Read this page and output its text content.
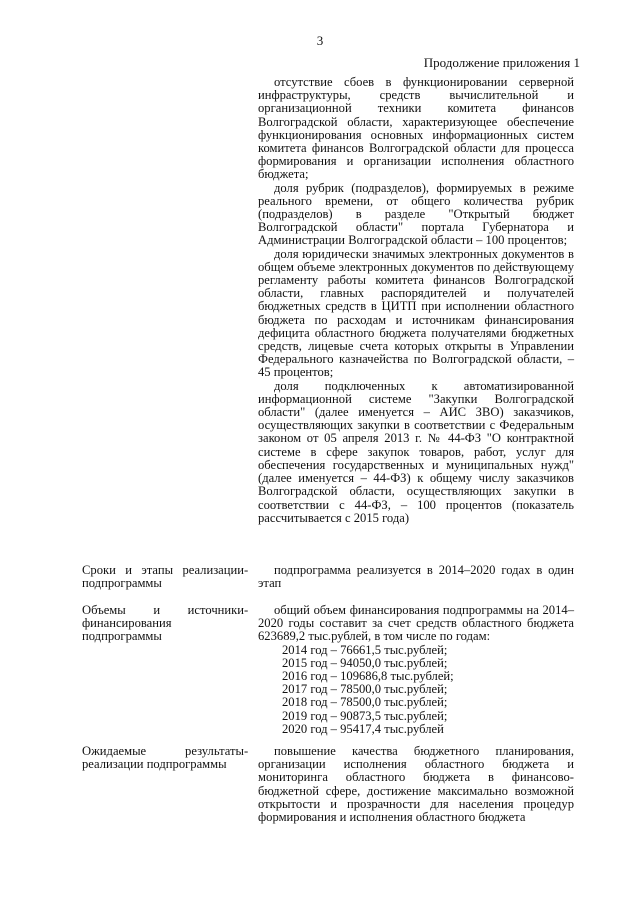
3
Продолжение приложения 1

отсутствие сбоев в функционировании серверной инфраструктуры, средств вычислительной и организационной техники комитета финансов Волгоградской области, характеризующее обеспечение функционирования основных информационных систем комитета финансов Волгоградской области для процесса формирования и организации исполнения областного бюджета;

доля рубрик (подразделов), формируемых в режиме реального времени, от общего количества рубрик (подразделов) в разделе "Открытый бюджет Волгоградской области" портала Губернатора и Администрации Волгоградской области – 100 процентов;

доля юридически значимых электронных документов в общем объеме электронных документов по действующему регламенту работы комитета финансов Волгоградской области, главных распорядителей и получателей бюджетных средств в ЦИТП при исполнении областного бюджета по расходам и источникам финансирования дефицита областного бюджета получателями бюджетных средств, лицевые счета которых открыты в Управлении Федерального казначейства по Волгоградской области, – 45 процентов;

доля подключенных к автоматизированной информационной системе "Закупки Волгоградской области" (далее именуется – АИС ЗВО) заказчиков, осуществляющих закупки в соответствии с Федеральным законом от 05 апреля 2013 г. № 44-ФЗ "О контрактной системе в сфере закупок товаров, работ, услуг для обеспечения государственных и муниципальных нужд" (далее именуется – 44-ФЗ) к общему числу заказчиков Волгоградской области, осуществляющих закупки в соответствии с 44-ФЗ, – 100 процентов (показатель рассчитывается с 2015 года)

Сроки и этапы реализации подпрограммы
-	подпрограмма реализуется в 2014–2020 годах в один этап

Объемы и источники финансирования подпрограммы
-	общий объем финансирования подпрограммы на 2014–2020 годы составит за счет средств областного бюджета 623689,2 тыс.рублей, в том числе по годам:

2014 год – 76661,5 тыс.рублей;
2015 год – 94050,0 тыс.рублей;
2016 год – 109686,8 тыс.рублей;
2017 год – 78500,0 тыс.рублей;
2018 год – 78500,0 тыс.рублей;
2019 год – 90873,5 тыс.рублей;
2020 год – 95417,4 тыс.рублей
Ожидаемые результаты реализации подпрограммы
-	повышение качества бюджетного планирования, организации исполнения областного бюджета и мониторинга областного бюджета в финансово-бюджетной сфере, достижение максимально возможной открытости и прозрачности для населения процедур формирования и исполнения областного бюджета
